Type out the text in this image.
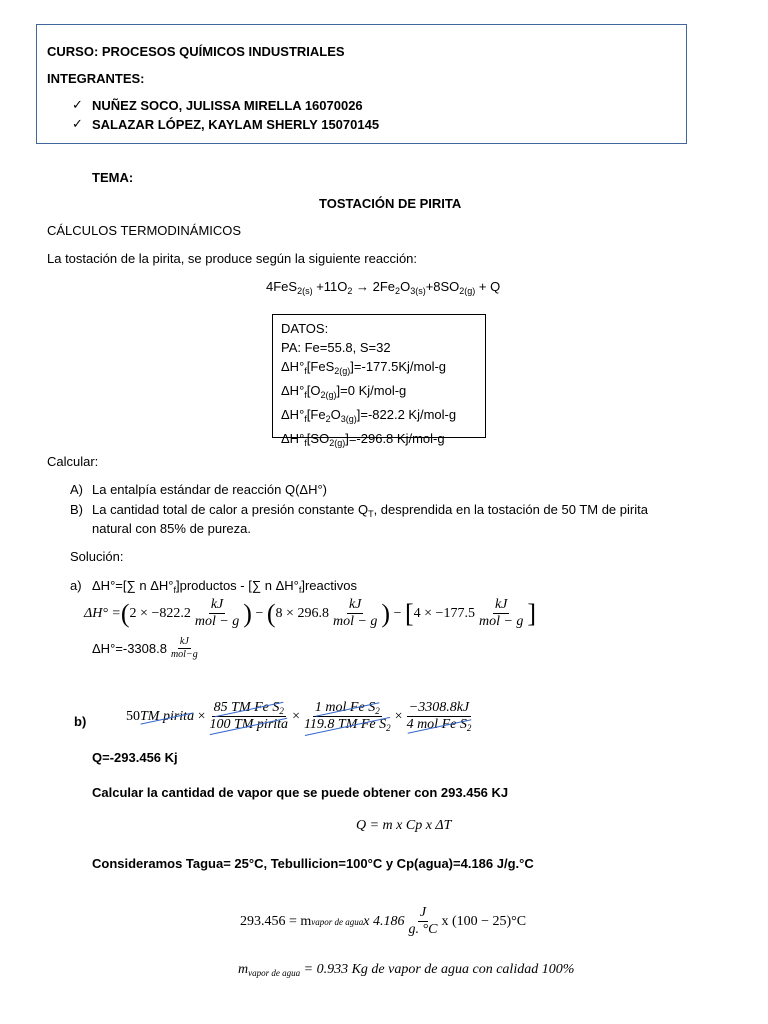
CURSO: PROCESOS QUÍMICOS INDUSTRIALES
INTEGRANTES:
✓ NUÑEZ SOCO, JULISSA MIRELLA 16070026
✓ SALAZAR LÓPEZ, KAYLAM SHERLY 15070145
TEMA:
TOSTACIÓN DE PIRITA
CÁLCULOS TERMODINÁMICOS
La tostación de la pirita, se produce según la siguiente reacción:
$4FeS_{2(s)} +11O_2 \to 2Fe_2O_{3(s)}+8SO_{2(g)} + Q$
DATOS:
PA: Fe=55.8, S=32
$\Delta H^\circ_f[FeS_{2(g)}]=-177.5Kj/mol-g$
$\Delta H^\circ_f[O_{2(g)}]=0$ Kj/mol-g
$\Delta H^\circ_f[Fe_2O_{3(g)}]=-822.2$ Kj/mol-g
$\Delta H^\circ_f[SO_{2(g)}]=-296.8$ Kj/mol-g
Calcular:
A) La entalpía estándar de reacción Q(ΔH°)
B) La cantidad total de calor a presión constante $Q_T$, desprendida en la tostación de 50 TM de pirita
natural con 85% de pureza.
Solución:
a) ΔH°=[∑ n $\Delta H^\circ_f]productos$ - [∑ n $\Delta H^\circ_f]reactivos$
ΔH° = ( $2 \times -822.2 \frac{kJ}{\text{mol − g}}$ ) − ( $8 \times 296.8 \frac{kJ}{\text{mol − g}}$ ) − [ $4 \times -177.5 \frac{kJ}{\text{mol − g}}$ ]
$\Delta H^\circ=-3308.8 \frac{kJ}{\text{mol−g}}$
b)	50 TM pirita
× $\frac{85 TM Fe S_2}{\text{100 TM pirita}} \times \frac{1 mol Fe S_2}{119.8 TM Fe S_2} \times \frac{-3308.8kJ}{4 mol Fe S_2}$
Q=-293.456 Kj
Calcular la cantidad de vapor que se puede obtener con 293.456 KJ
Q = m x Cp x ΔT
Consideramos Tagua= 25°C, Tebullicion=100°C y Cp(agua)=4.186 J/g.°C
293.456 = m vapor de agua x $4.186 \frac{J}{g. ^\circ C}$ x (100 − 25)°C
$m_{vapor de agua} = 0.933$ Kg de vapor de agua con calidad 100%
